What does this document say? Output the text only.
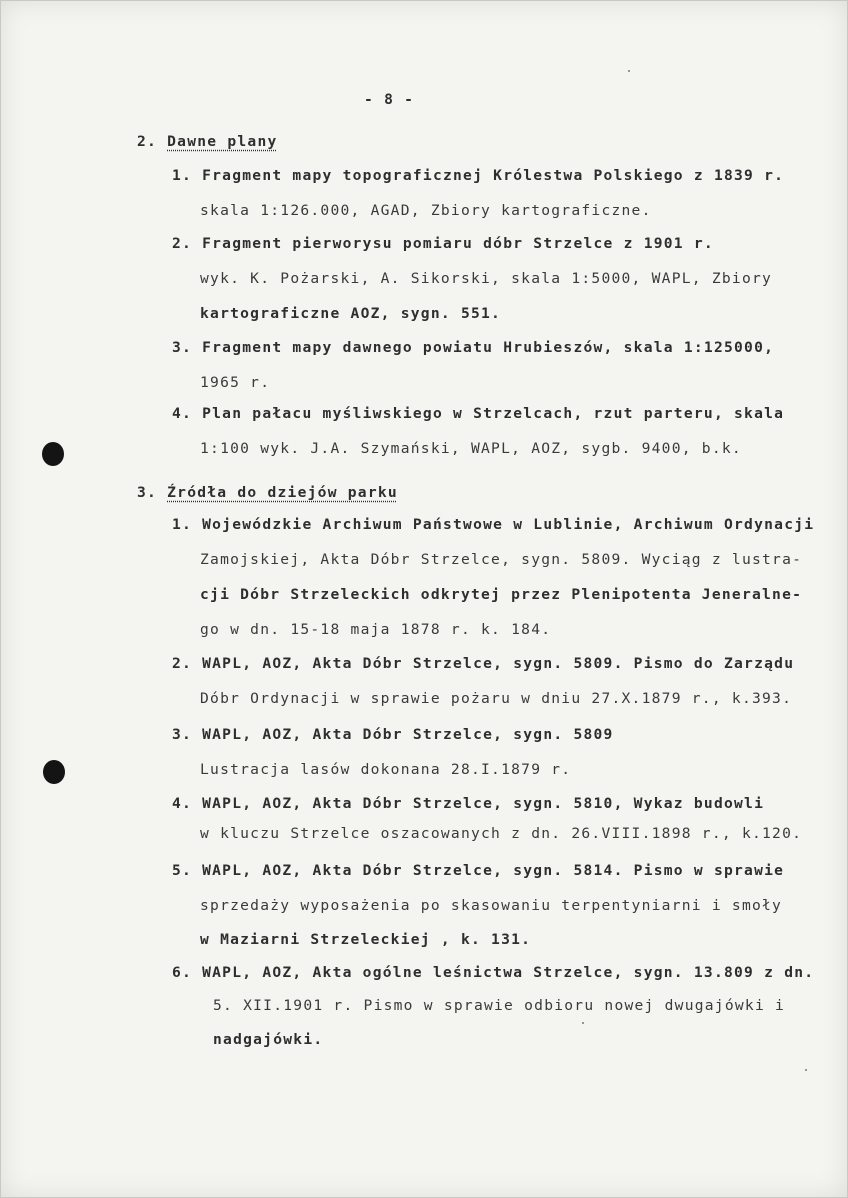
- 8 -
2. Dawne plany
1. Fragment mapy topograficznej Królestwa Polskiego z 1839 r.
skala 1:126.000, AGAD, Zbiory kartograficzne.
2. Fragment pierworysu pomiaru dóbr Strzelce z 1901 r.
wyk. K. Pożarski, A. Sikorski, skala 1:5000, WAPL, Zbiory
kartograficzne AOZ, sygn. 551.
3. Fragment mapy dawnego powiatu Hrubieszów, skala 1:125000,
1965 r.
4. Plan pałacu myśliwskiego w Strzelcach, rzut parteru, skala
1:100 wyk. J.A. Szymański, WAPL, AOZ, sygb. 9400, b.k.
3. Źródła do dziejów parku
1. Wojewódzkie Archiwum Państwowe w Lublinie, Archiwum Ordynacji
Zamojskiej, Akta Dóbr Strzelce, sygn. 5809. Wyciąg z lustra-
cji Dóbr Strzeleckich odkrytej przez Plenipotenta Jeneralne-
go w dn. 15-18 maja 1878 r. k. 184.
2. WAPL, AOZ, Akta Dóbr Strzelce, sygn. 5809. Pismo do Zarządu
Dóbr Ordynacji w sprawie pożaru w dniu 27.X.1879 r., k.393.
3. WAPL, AOZ, Akta Dóbr Strzelce, sygn. 5809
Lustracja lasów dokonana 28.I.1879 r.
4. WAPL, AOZ, Akta Dóbr Strzelce, sygn. 5810, Wykaz budowli
w kluczu Strzelce oszacowanych z dn. 26.VIII.1898 r., k.120.
5. WAPL, AOZ, Akta Dóbr Strzelce, sygn. 5814. Pismo w sprawie
sprzedaży wyposażenia po skasowaniu terpentyniarni i smoły
w Maziarni Strzeleckiej , k. 131.
6. WAPL, AOZ, Akta ogólne leśnictwa Strzelce, sygn. 13.809 z dn.
5. XII.1901 r. Pismo w sprawie odbioru nowej dwugajówki i
nadgajówki.
